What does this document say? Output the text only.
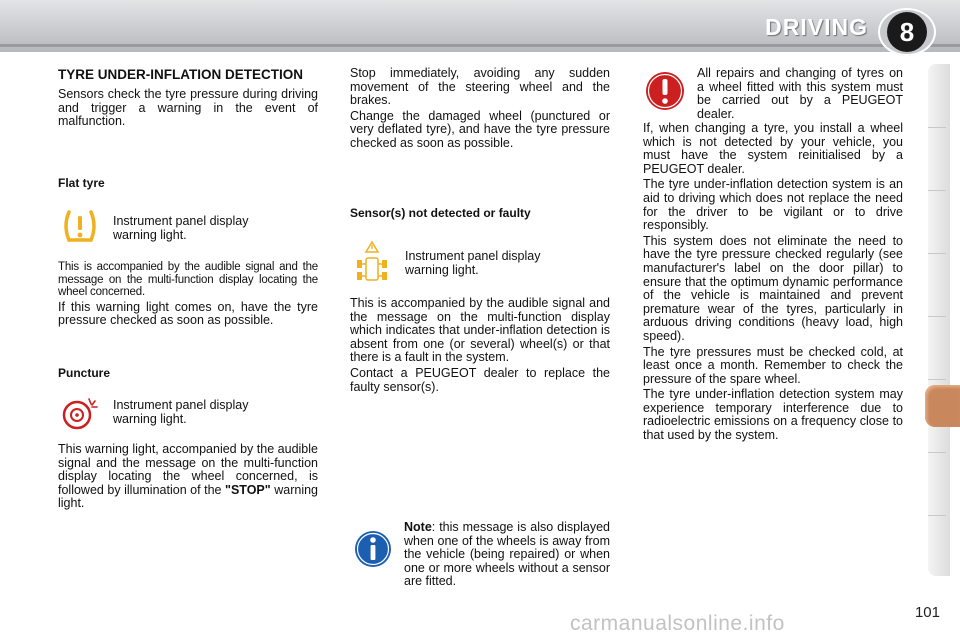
DRIVING	8
TYRE UNDER-INFLATION DETECTION

Sensors check the tyre pressure during driving and trigger a warning in the event of malfunction.

Flat tyre
Instrument panel display warning light.

This is accompanied by the audible signal and the message on the multi-function display locating the wheel concerned.

If this warning light comes on, have the tyre pressure checked as soon as possible.

Puncture
Instrument panel display warning light.

This warning light, accompanied by the audible signal and the message on the multi-function display locating the wheel concerned, is followed by illumination of the "STOP" warning light.

Stop immediately, avoiding any sudden movement of the steering wheel and the brakes.

Change the damaged wheel (punctured or very deflated tyre), and have the tyre pressure checked as soon as possible.

Sensor(s) not detected or faulty
Instrument panel display warning light.

This is accompanied by the audible signal and the message on the multi-function display which indicates that under-inflation detection is absent from one (or several) wheel(s) or that there is a fault in the system.

Contact a PEUGEOT dealer to replace the faulty sensor(s).

Note: this message is also displayed when one of the wheels is away from the vehicle (being repaired) or when one or more wheels without a sensor are fitted.

All repairs and changing of tyres on a wheel fitted with this system must be carried out by a PEUGEOT dealer.

If, when changing a tyre, you install a wheel which is not detected by your vehicle, you must have the system reinitialised by a PEUGEOT dealer.

The tyre under-inflation detection system is an aid to driving which does not replace the need for the driver to be vigilant or to drive responsibly.

This system does not eliminate the need to have the tyre pressure checked regularly (see manufacturer's label on the door pillar) to ensure that the optimum dynamic performance of the vehicle is maintained and prevent premature wear of the tyres, particularly in arduous driving conditions (heavy load, high speed).

The tyre pressures must be checked cold, at least once a month. Remember to check the pressure of the spare wheel.

The tyre under-inflation detection system may experience temporary interference due to radioelectric emissions on a frequency close to that used by the system.

101
carmanualsonline.info
